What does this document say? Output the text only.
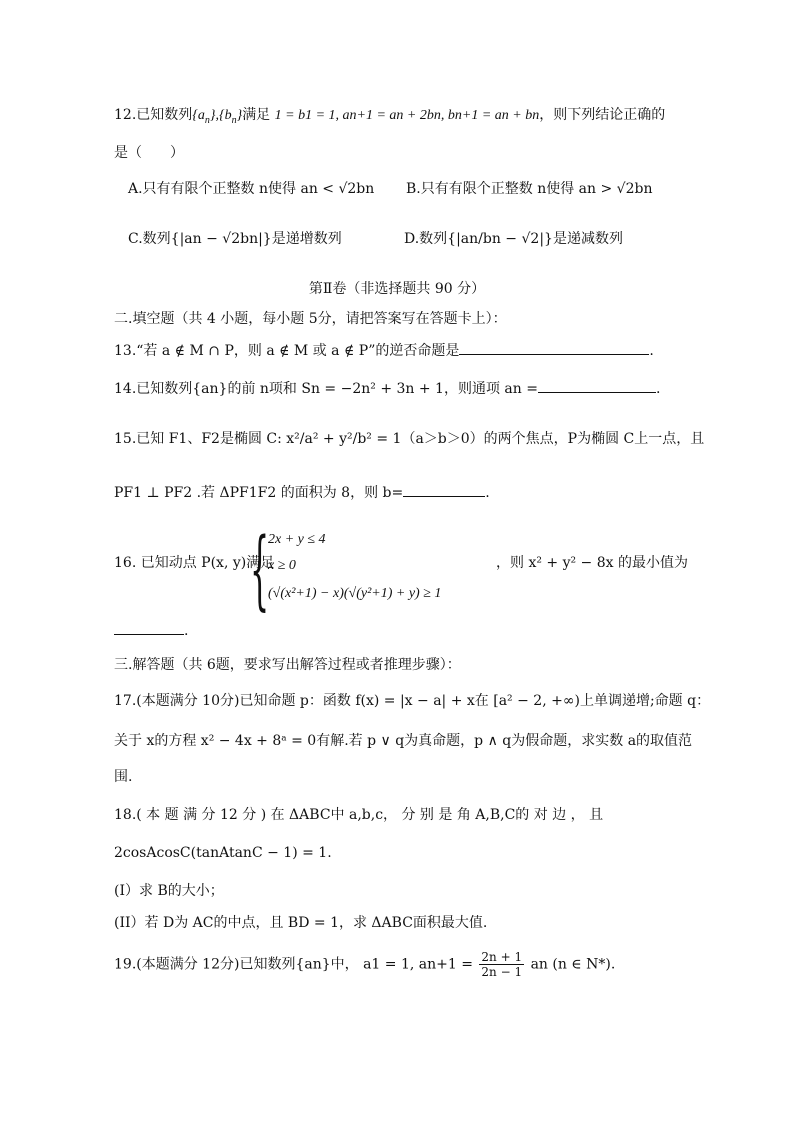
12.已知数列$\{a_n\},\{b_n\}$满足 1 = b1 = 1, an+1 = an + 2bn, bn+1 = an + bn，则下列结论正确的
是（　　）
A.只有有限个正整数 n使得 an < √2bn B.只有有限个正整数 n使得 an > √2bn
C.数列{|an − √2bn|}是递增数列	D.数列{|an/bn − √2|}是递减数列
第Ⅱ卷（非选择题共 90 分）
二.填空题（共 4 小题，每小题 5分，请把答案写在答题卡上）：
13.“若 a ∉ M ∩ P，则 a ∉ M 或 a ∉ P”的逆否命题是	.
14.已知数列{an}的前 n项和 Sn = −2n² + 3n + 1，则通项 an =	.
15.已知 F1、F2是椭圆 C: x²/a² + y²/b² = 1（a＞b＞0）的两个焦点，P为椭圆 C上一点，且
PF1 ⊥ PF2 .若 ΔPF1F2 的面积为 8，则 b=	.
16. 已知动点 P(x, y)满足
{
2x + y ≤ 4
x ≥ 0
(√(x²+1) − x)(√(y²+1) + y) ≥ 1
，则 x² + y² − 8x 的最小值为
.
三.解答题（共 6题，要求写出解答过程或者推理步骤）：
17.(本题满分 10分)已知命题 p：函数 f(x) = |x − a| + x在 [a² − 2, +∞)上单调递增;命题 q：
关于 x的方程 x² − 4x + 8ᵃ = 0有解.若 p ∨ q为真命题，p ∧ q为假命题，求实数 a的取值范
围.
18.( 本 题 满 分 12 分 ) 在 ΔABC中 a,b,c， 分 别 是 角 A,B,C的 对 边 ， 且
2cosAcosC(tanAtanC − 1) = 1.
(I）求 B的大小；
(II）若 D为 AC的中点，且 BD = 1，求 ΔABC面积最大值.
19.(本题满分 12分)已知数列{an}中， a1 = 1, $an+1 = \frac{2n + 1}{2n - 1}$ an (n ∈ N*).
